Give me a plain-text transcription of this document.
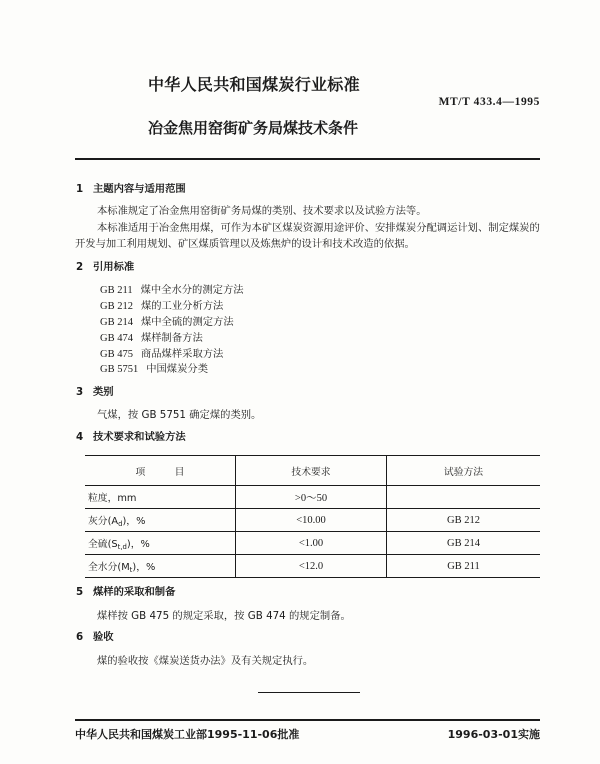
中华人民共和国煤炭行业标准
MT/T 433.4—1995
冶金焦用窑街矿务局煤技术条件
1 主题内容与适用范围
本标准规定了冶金焦用窑街矿务局煤的类别、技术要求以及试验方法等。
本标准适用于冶金焦用煤，可作为本矿区煤炭资源用途评价、安排煤炭分配调运计划、制定煤炭的
开发与加工利用规划、矿区煤质管理以及炼焦炉的设计和技术改造的依据。
2 引用标准
GB 211 煤中全水分的测定方法
GB 212 煤的工业分析方法
GB 214 煤中全硫的测定方法
GB 474 煤样制备方法
GB 475 商品煤样采取方法
GB 5751 中国煤炭分类
3 类别
气煤，按 GB 5751 确定煤的类别。
4 技术要求和试验方法
项目	技术要求	试验方法
粒度，mm	>0～50	
灰分$(A_d)$，%	<10.00	GB 212
全硫$(S_{t,d})$，%	<1.00	GB 214
全水分$(M_t)$，%	<12.0	GB 211
5 煤样的采取和制备
煤样按 GB 475 的规定采取，按 GB 474 的规定制备。
6 验收
煤的验收按《煤炭送货办法》及有关规定执行。
中华人民共和国煤炭工业部1995-11-06批准	1996-03-01实施
